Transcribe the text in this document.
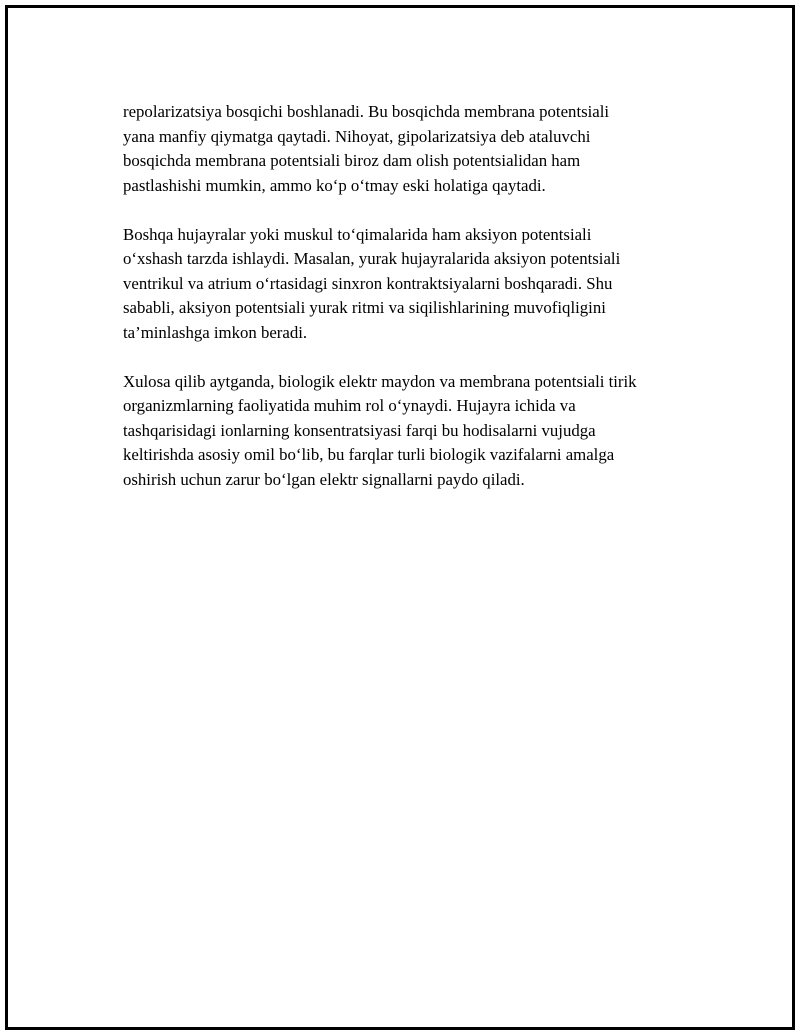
repolarizatsiya bosqichi boshlanadi. Bu bosqichda membrana potentsiali
yana manfiy qiymatga qaytadi. Nihoyat, gipolarizatsiya deb ataluvchi
bosqichda membrana potentsiali biroz dam olish potentsialidan ham
pastlashishi mumkin, ammo ko‘p o‘tmay eski holatiga qaytadi.

Boshqa hujayralar yoki muskul to‘qimalarida ham aksiyon potentsiali
o‘xshash tarzda ishlaydi. Masalan, yurak hujayralarida aksiyon potentsiali
ventrikul va atrium o‘rtasidagi sinxron kontraktsiyalarni boshqaradi. Shu
sababli, aksiyon potentsiali yurak ritmi va siqilishlarining muvofiqligini
ta’minlashga imkon beradi.

Xulosa qilib aytganda, biologik elektr maydon va membrana potentsiali tirik
organizmlarning faoliyatida muhim rol o‘ynaydi. Hujayra ichida va
tashqarisidagi ionlarning konsentratsiyasi farqi bu hodisalarni vujudga
keltirishda asosiy omil bo‘lib, bu farqlar turli biologik vazifalarni amalga
oshirish uchun zarur bo‘lgan elektr signallarni paydo qiladi.
